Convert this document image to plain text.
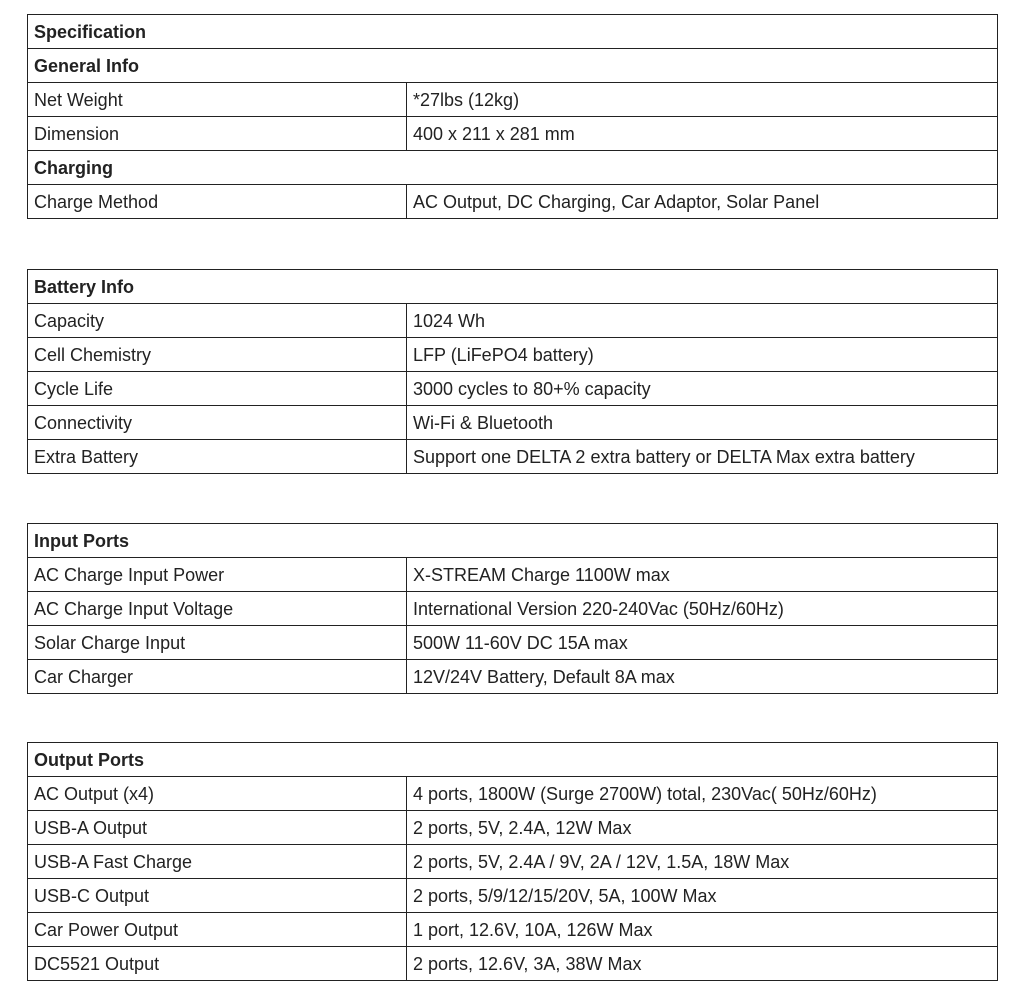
Specification	
General Info	
Net Weight	*27lbs (12kg)
Dimension	400 x 211 x 281 mm
Charging	
Charge Method	AC Output, DC Charging, Car Adaptor, Solar Panel
Battery Info	
Capacity	1024 Wh
Cell Chemistry	LFP (LiFePO4 battery)
Cycle Life	3000 cycles to 80+% capacity
Connectivity	Wi-Fi & Bluetooth
Extra Battery	Support one DELTA 2 extra battery or DELTA Max extra battery
Input Ports	
AC Charge Input Power	X-STREAM Charge 1100W max
AC Charge Input Voltage	International Version 220-240Vac (50Hz/60Hz)
Solar Charge Input	500W 11-60V DC 15A max
Car Charger	12V/24V Battery, Default 8A max
Output Ports	
AC Output (x4)	4 ports, 1800W (Surge 2700W) total, 230Vac( 50Hz/60Hz)
USB-A Output	2 ports, 5V, 2.4A, 12W Max
USB-A Fast Charge	2 ports, 5V, 2.4A / 9V, 2A / 12V, 1.5A, 18W Max
USB-C Output	2 ports, 5/9/12/15/20V, 5A, 100W Max
Car Power Output	1 port, 12.6V, 10A, 126W Max
DC5521 Output	2 ports, 12.6V, 3A, 38W Max
